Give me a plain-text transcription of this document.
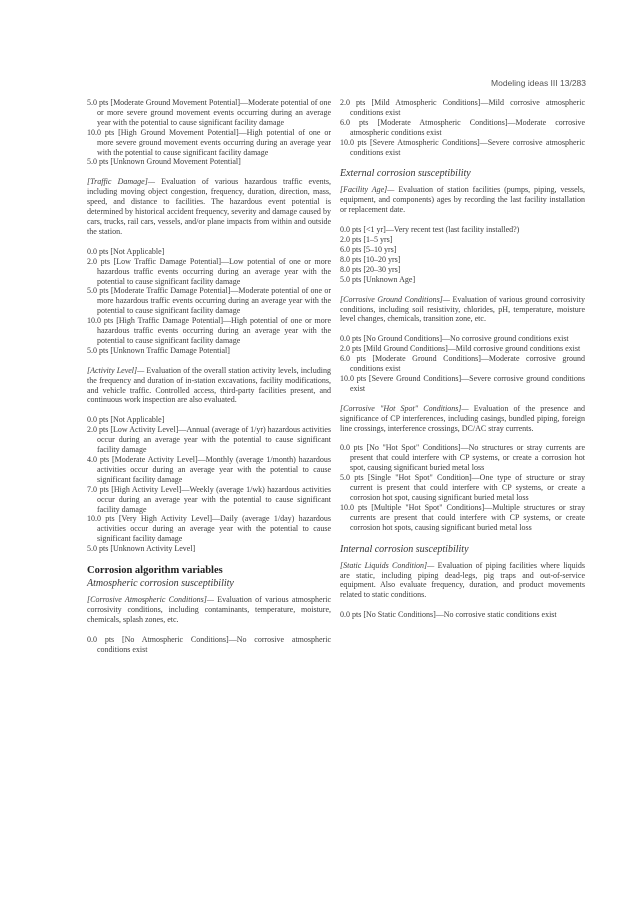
Modeling ideas III 13/283

5.0 pts [Moderate Ground Movement Potential]—Moderate potential of one or more severe ground movement events occurring during an average year with the potential to cause significant facility damage

10.0 pts [High Ground Movement Potential]—High potential of one or more severe ground movement events occurring during an average year with the potential to cause significant facility damage

5.0 pts [Unknown Ground Movement Potential]

[Traffic Damage]— Evaluation of various hazardous traffic events, including moving object congestion, frequency, duration, direction, mass, speed, and distance to facilities. The hazardous event potential is determined by historical accident frequency, severity and damage caused by cars, trucks, rail cars, vessels, and/or plane impacts from within and outside the station.

0.0 pts [Not Applicable]

2.0 pts [Low Traffic Damage Potential]—Low potential of one or more hazardous traffic events occurring during an average year with the potential to cause significant facility damage

5.0 pts [Moderate Traffic Damage Potential]—Moderate potential of one or more hazardous traffic events occurring during an average year with the potential to cause significant facility damage

10.0 pts [High Traffic Damage Potential]—High potential of one or more hazardous traffic events occurring during an average year with the potential to cause significant facility damage

5.0 pts [Unknown Traffic Damage Potential]

[Activity Level]— Evaluation of the overall station activity levels, including the frequency and duration of in-station excavations, facility modifications, and vehicle traffic. Controlled access, third-party facilities present, and continuous work inspection are also evaluated.

0.0 pts [Not Applicable]

2.0 pts [Low Activity Level]—Annual (average of 1/yr) hazardous activities occur during an average year with the potential to cause significant facility damage

4.0 pts [Moderate Activity Level]—Monthly (average 1/month) hazardous activities occur during an average year with the potential to cause significant facility damage

7.0 pts [High Activity Level]—Weekly (average 1/wk) hazardous activities occur during an average year with the potential to cause significant facility damage

10.0 pts [Very High Activity Level]—Daily (average 1/day) hazardous activities occur during an average year with the potential to cause significant facility damage

5.0 pts [Unknown Activity Level]

Corrosion algorithm variables

Atmospheric corrosion susceptibility

[Corrosive Atmospheric Conditions]— Evaluation of various atmospheric corrosivity conditions, including contaminants, temperature, moisture, chemicals, splash zones, etc.

0.0 pts [No Atmospheric Conditions]—No corrosive atmospheric conditions exist

2.0 pts [Mild Atmospheric Conditions]—Mild corrosive atmospheric conditions exist

6.0 pts [Moderate Atmospheric Conditions]—Moderate corrosive atmospheric conditions exist

10.0 pts [Severe Atmospheric Conditions]—Severe corrosive atmospheric conditions exist

External corrosion susceptibility

[Facility Age]— Evaluation of station facilities (pumps, piping, vessels, equipment, and components) ages by recording the last facility installation or replacement date.

0.0 pts [<1 yr]—Very recent test (last facility installed?)

2.0 pts [1–5 yrs]

6.0 pts [5–10 yrs]

8.0 pts [10–20 yrs]

8.0 pts [20–30 yrs]

5.0 pts [Unknown Age]

[Corrosive Ground Conditions]— Evaluation of various ground corrosivity conditions, including soil resistivity, chlorides, pH, temperature, moisture level changes, chemicals, transition zone, etc.

0.0 pts [No Ground Conditions]—No corrosive ground conditions exist

2.0 pts [Mild Ground Conditions]—Mild corrosive ground conditions exist

6.0 pts [Moderate Ground Conditions]—Moderate corrosive ground conditions exist

10.0 pts [Severe Ground Conditions]—Severe corrosive ground conditions exist

[Corrosive "Hot Spot" Conditions]— Evaluation of the presence and significance of CP interferences, including casings, bundled piping, foreign line crossings, interference crossings, DC/AC stray currents.

0.0 pts [No "Hot Spot" Conditions]—No structures or stray currents are present that could interfere with CP systems, or create a corrosion hot spot, causing significant buried metal loss

5.0 pts [Single "Hot Spot" Condition]—One type of structure or stray current is present that could interfere with CP systems, or create a corrosion hot spot, causing significant buried metal loss

10.0 pts [Multiple "Hot Spot" Conditions]—Multiple structures or stray currents are present that could interfere with CP systems, or create corrosion hot spots, causing significant buried metal loss

Internal corrosion susceptibility

[Static Liquids Condition]— Evaluation of piping facilities where liquids are static, including piping dead-legs, pig traps and out-of-service equipment. Also evaluate frequency, duration, and product movements related to static conditions.

0.0 pts [No Static Conditions]—No corrosive static conditions exist
